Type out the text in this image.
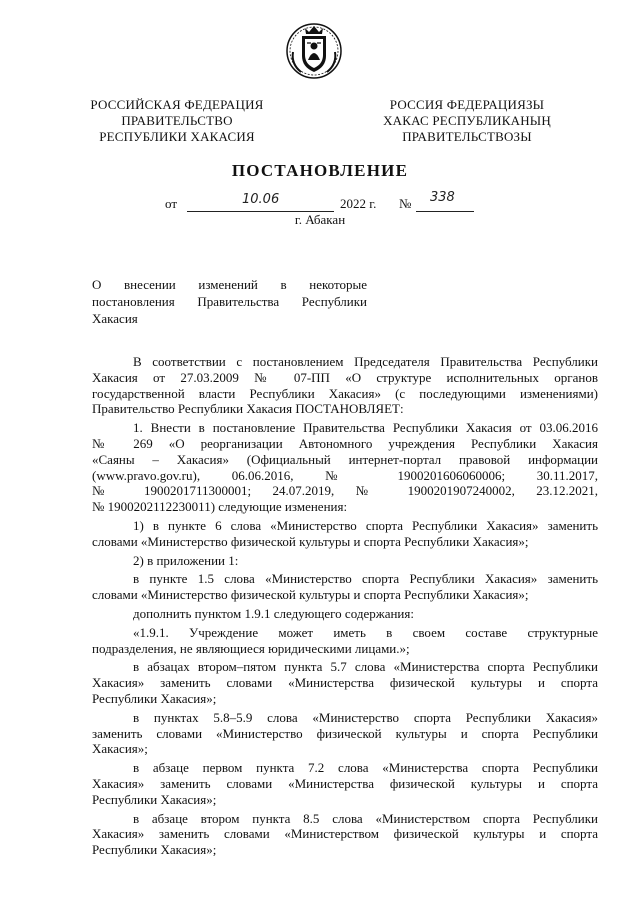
РОССИЙСКАЯ ФЕДЕРАЦИЯ
ПРАВИТЕЛЬСТВО
РЕСПУБЛИКИ ХАКАСИЯ
РОССИЯ ФЕДЕРАЦИЯЗЫ
ХАКАС РЕСПУБЛИКАНЫҢ
ПРАВИТЕЛЬСТВОЗЫ
ПОСТАНОВЛЕНИЕ
от	10.06	2022 г. № 338
г. Абакан
О внесении изменений в некоторые
постановления Правительства Республики
Хакасия
В соответствии с постановлением Председателя Правительства Республики
Хакасия от 27.03.2009 № 07-ПП «О структуре исполнительных органов
государственной власти Республики Хакасия» (с последующими изменениями)
Правительство Республики Хакасия ПОСТАНОВЛЯЕТ:
1. Внести в постановление Правительства Республики Хакасия от 03.06.2016
№ 269 «О реорганизации Автономного учреждения Республики Хакасия
«Саяны – Хакасия» (Официальный интернет-портал правовой информации
(www.pravo.gov.ru), 06.06.2016, № 1900201606060006; 30.11.2017,
№ 1900201711300001; 24.07.2019, № 1900201907240002, 23.12.2021,
№ 1900202112230011) следующие изменения:
1) в пункте 6 слова «Министерство спорта Республики Хакасия» заменить
словами «Министерство физической культуры и спорта Республики Хакасия»;
2) в приложении 1:
в пункте 1.5 слова «Министерство спорта Республики Хакасия» заменить
словами «Министерство физической культуры и спорта Республики Хакасия»;
дополнить пунктом 1.9.1 следующего содержания:
«1.9.1. Учреждение может иметь в своем составе структурные
подразделения, не являющиеся юридическими лицами.»;
в абзацах втором–пятом пункта 5.7 слова «Министерства спорта Республики
Хакасия» заменить словами «Министерства физической культуры и спорта
Республики Хакасия»;
в пунктах 5.8–5.9 слова «Министерство спорта Республики Хакасия»
заменить словами «Министерство физической культуры и спорта Республики
Хакасия»;
в абзаце первом пункта 7.2 слова «Министерства спорта Республики
Хакасия» заменить словами «Министерства физической культуры и спорта
Республики Хакасия»;
в абзаце втором пункта 8.5 слова «Министерством спорта Республики
Хакасия» заменить словами «Министерством физической культуры и спорта
Республики Хакасия»;
